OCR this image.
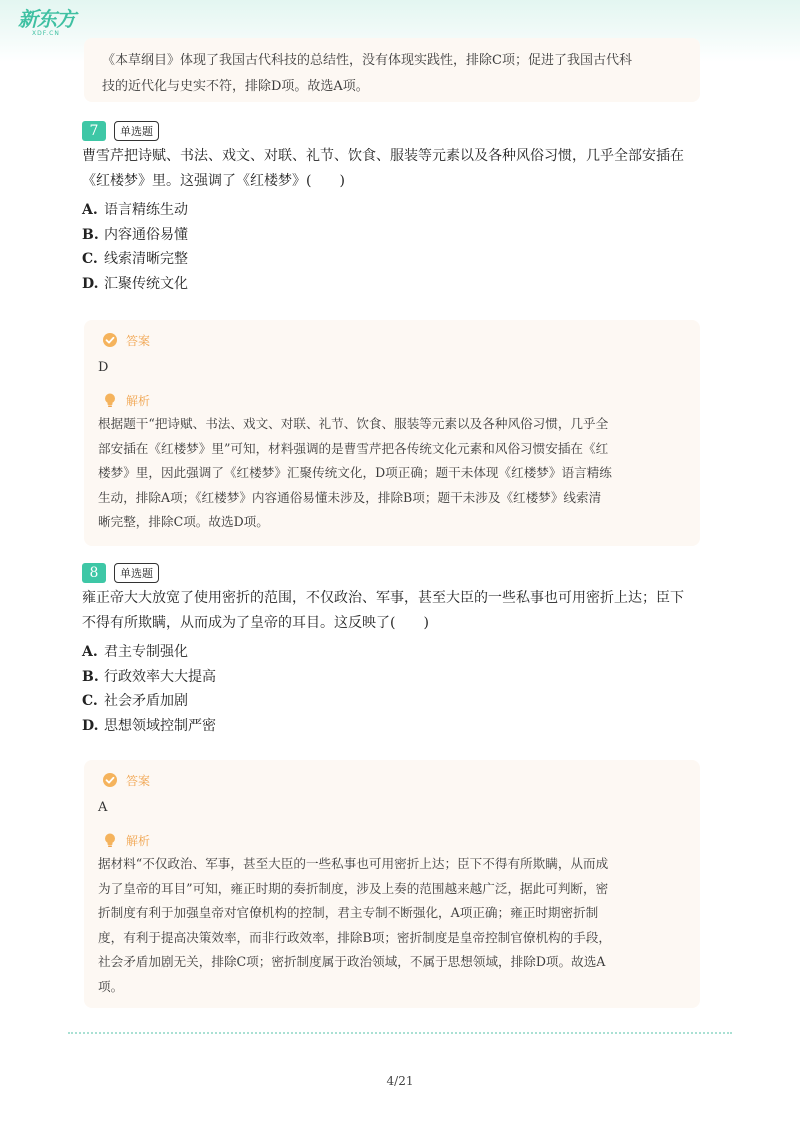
新东方
XDF.CN

《本草纲目》体现了我国古代科技的总结性，没有体现实践性，排除C项；促进了我国古代科

技的近代化与史实不符，排除D项。故选A项。

7	单选题

曹雪芹把诗赋、书法、戏文、对联、礼节、饮食、服装等元素以及各种风俗习惯，几乎全部安插在
《红楼梦》里。这强调了《红楼梦》(　　)

A. 语言精练生动
B. 内容通俗易懂
C. 线索清晰完整
D. 汇聚传统文化
答案
D
解析

根据题干“把诗赋、书法、戏文、对联、礼节、饮食、服装等元素以及各种风俗习惯，几乎全

部安插在《红楼梦》里”可知，材料强调的是曹雪芹把各传统文化元素和风俗习惯安插在《红

楼梦》里，因此强调了《红楼梦》汇聚传统文化，D项正确；题干未体现《红楼梦》语言精练

生动，排除A项；《红楼梦》内容通俗易懂未涉及，排除B项；题干未涉及《红楼梦》线索清

晰完整，排除C项。故选D项。

8	单选题

雍正帝大大放宽了使用密折的范围，不仅政治、军事，甚至大臣的一些私事也可用密折上达；臣下
不得有所欺瞒，从而成为了皇帝的耳目。这反映了(　　)

A. 君主专制强化
B. 行政效率大大提高
C. 社会矛盾加剧
D. 思想领域控制严密
答案
A
解析

据材料“不仅政治、军事，甚至大臣的一些私事也可用密折上达；臣下不得有所欺瞒，从而成

为了皇帝的耳目”可知，雍正时期的奏折制度，涉及上奏的范围越来越广泛，据此可判断，密

折制度有利于加强皇帝对官僚机构的控制，君主专制不断强化，A项正确；雍正时期密折制

度，有利于提高决策效率，而非行政效率，排除B项；密折制度是皇帝控制官僚机构的手段，

社会矛盾加剧无关，排除C项；密折制度属于政治领域，不属于思想领域，排除D项。故选A

项。

4/21
